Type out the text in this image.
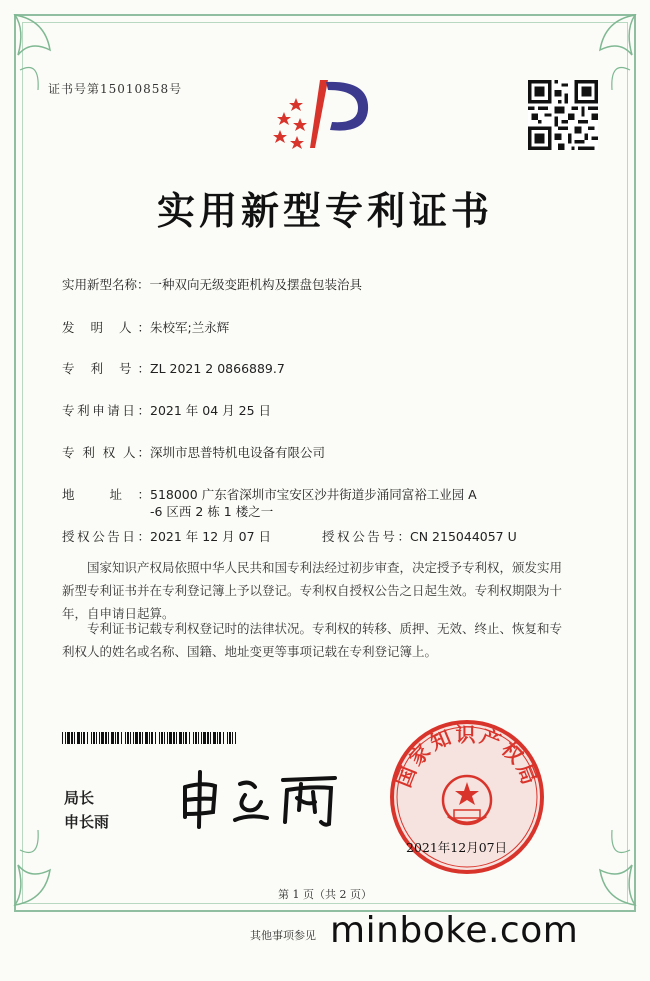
证书号第15010858号
实用新型专利证书
实用新型名称：一种双向无级变距机构及摆盘包装治具
发 明 人：朱校军;兰永辉
专 利 号：ZL 2021 2 0866889.7
专利申请日：2021 年 04 月 25 日
专 利 权 人：深圳市思普特机电设备有限公司
地 址：518000 广东省深圳市宝安区沙井街道步涌同富裕工业园 A
-6 区西 2 栋 1 楼之一
授权公告日：2021 年 12 月 07 日	授权公告号：CN 215044057 U
国家知识产权局依照中华人民共和国专利法经过初步审查，决定授予专利权，颁发实用
新型专利证书并在专利登记簿上予以登记。专利权自授权公告之日起生效。专利权期限为十
年，自申请日起算。
专利证书记载专利权登记时的法律状况。专利权的转移、质押、无效、终止、恢复和专
利权人的姓名或名称、国籍、地址变更等事项记载在专利登记簿上。
局长
申长雨
国家知识产权局
2021年12月07日
第 1 页（共 2 页）
其他事项参见 minboke.com
